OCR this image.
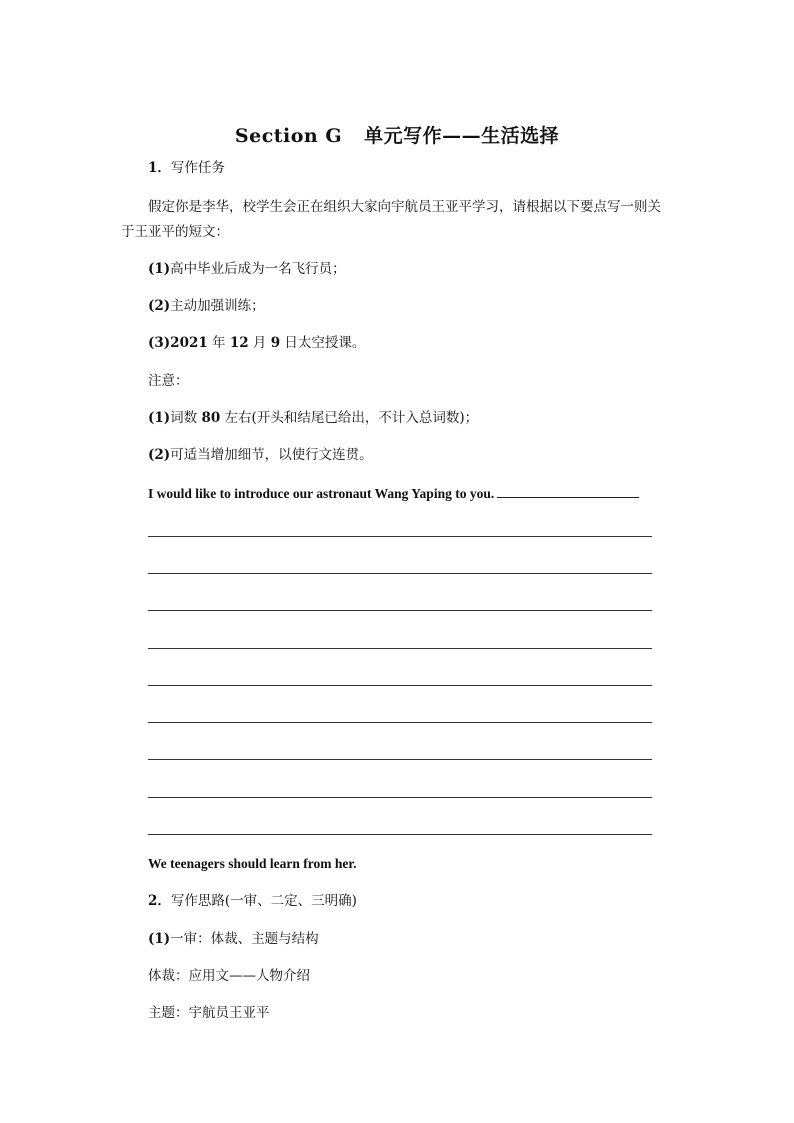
Section G 单元写作——生活选择
1．写作任务
假定你是李华，校学生会正在组织大家向宇航员王亚平学习，请根据以下要点写一则关
于王亚平的短文：
(1)高中毕业后成为一名飞行员；
(2)主动加强训练；
(3)2021 年 12 月 9 日太空授课。
注意：
(1)词数 80 左右(开头和结尾已给出，不计入总词数)；
(2)可适当增加细节，以使行文连贯。
I would like to introduce our astronaut Wang Yaping to you.
We teenagers should learn from her.
2．写作思路(一审、二定、三明确)
(1)一审：体裁、主题与结构
体裁：应用文——人物介绍
主题：宇航员王亚平
